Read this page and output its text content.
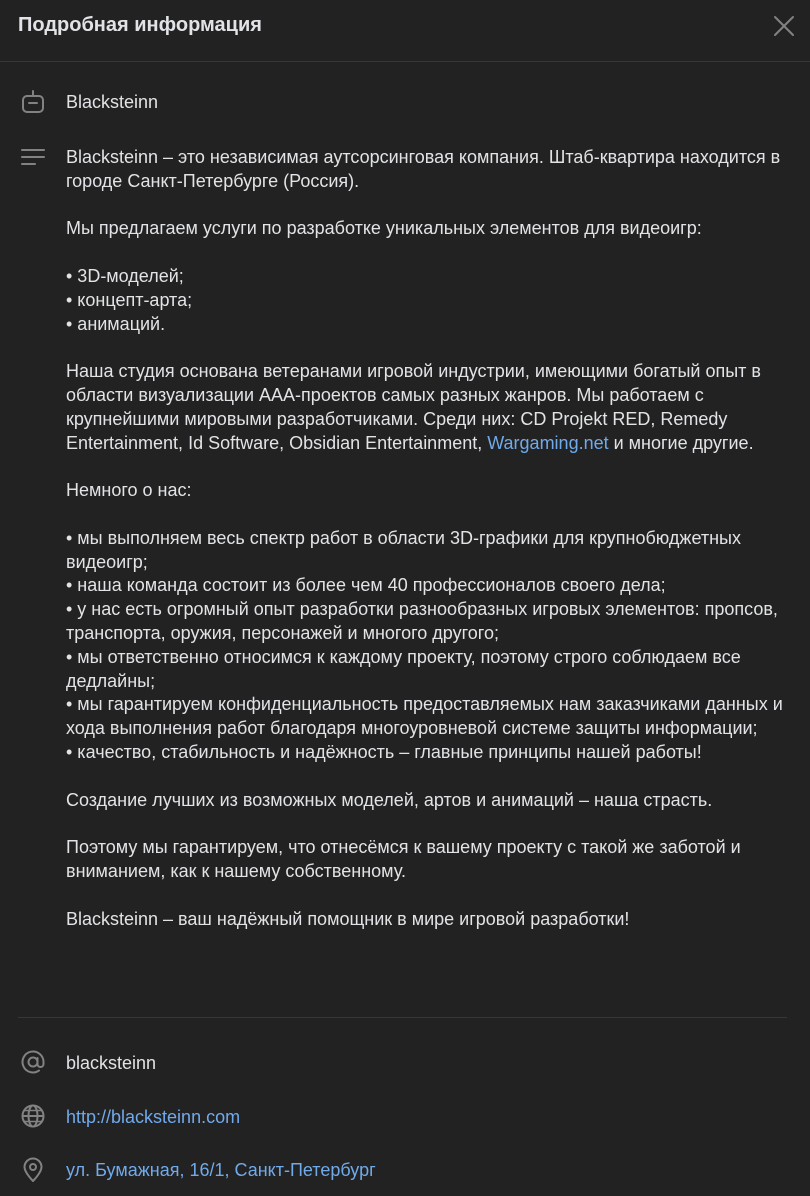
Подробная информация
Blacksteinn

Blacksteinn – это независимая аутсорсинговая компания. Штаб-квартира находится в городе Санкт-Петербурге (Россия).

Мы предлагаем услуги по разработке уникальных элементов для видеоигр:

• 3D-моделей;

• концепт-арта;

• анимаций.

Наша студия основана ветеранами игровой индустрии, имеющими богатый опыт в области визуализации AAA-проектов самых разных жанров. Мы работаем с крупнейшими мировыми разработчиками. Среди них: CD Projekt RED, Remedy Entertainment, Id Software, Obsidian Entertainment, Wargaming.net и многие другие.

Немного о нас:

• мы выполняем весь спектр работ в области 3D-графики для крупнобюджетных видеоигр;

• наша команда состоит из более чем 40 профессионалов своего дела;

• у нас есть огромный опыт разработки разнообразных игровых элементов: пропсов, транспорта, оружия, персонажей и многого другого;

• мы ответственно относимся к каждому проекту, поэтому строго соблюдаем все дедлайны;

• мы гарантируем конфиденциальность предоставляемых нам заказчиками данных и хода выполнения работ благодаря многоуровневой системе защиты информации;

• качество, стабильность и надёжность – главные принципы нашей работы!

Создание лучших из возможных моделей, артов и анимаций – наша страсть.

Поэтому мы гарантируем, что отнесёмся к вашему проекту с такой же заботой и вниманием, как к нашему собственному.

Blacksteinn – ваш надёжный помощник в мире игровой разработки!

blacksteinn
http://blacksteinn.com
ул. Бумажная, 16/1, Санкт-Петербург
